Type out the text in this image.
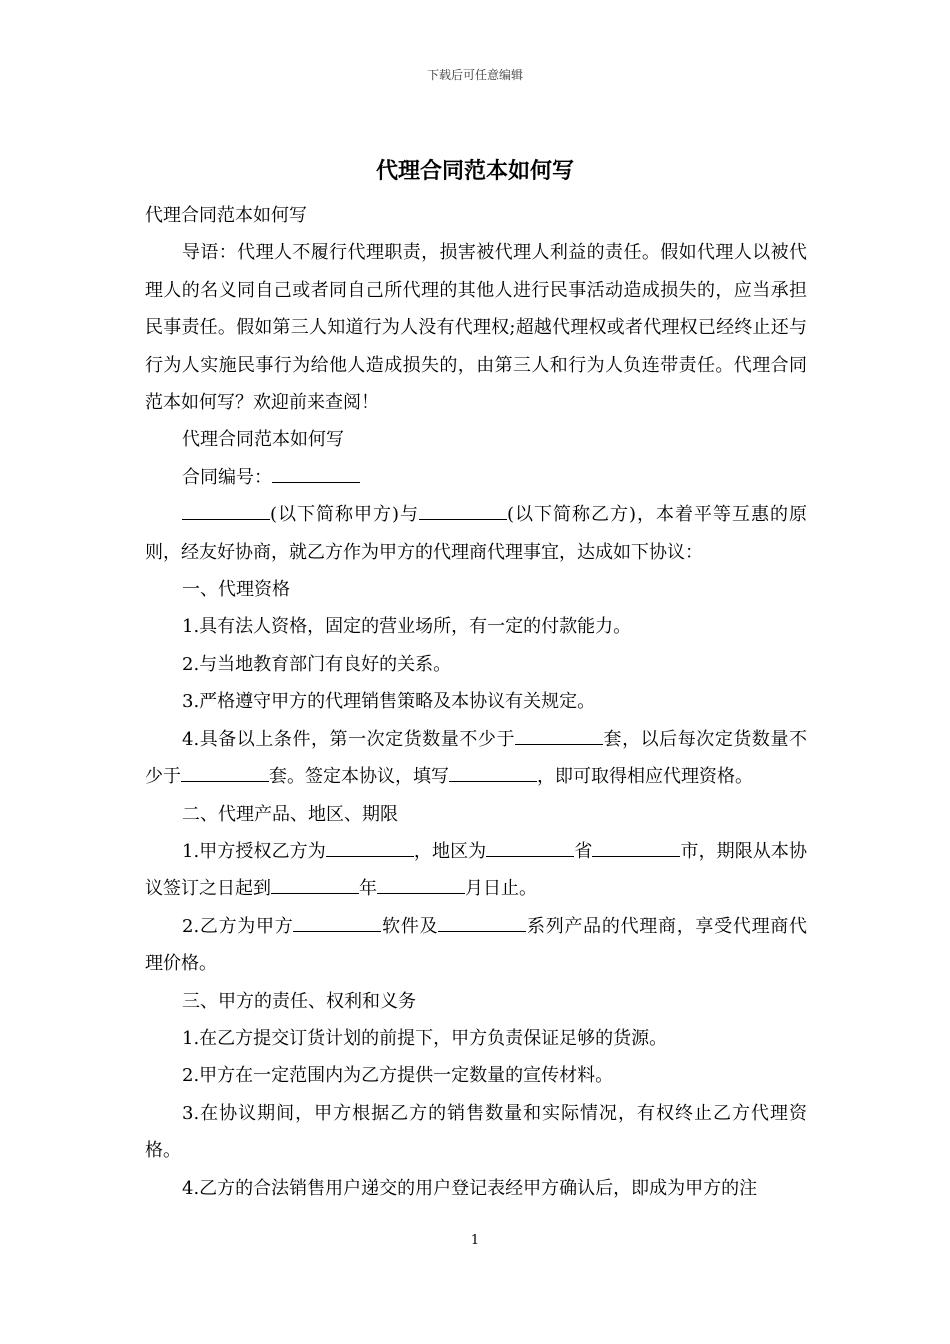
下载后可任意编辑
代理合同范本如何写

代理合同范本如何写

导语：代理人不履行代理职责，损害被代理人利益的责任。假如代理人以被代理人的名义同自己或者同自己所代理的其他人进行民事活动造成损失的，应当承担民事责任。假如第三人知道行为人没有代理权;超越代理权或者代理权已经终止还与行为人实施民事行为给他人造成损失的，由第三人和行为人负连带责任。代理合同范本如何写？欢迎前来查阅！

代理合同范本如何写

合同编号：

(以下简称甲方)与	(以下简称乙方)，本着平等互惠的原则，经友好协商，就乙方作为甲方的代理商代理事宜，达成如下协议：

一、代理资格

1.具有法人资格，固定的营业场所，有一定的付款能力。

2.与当地教育部门有良好的关系。

3.严格遵守甲方的代理销售策略及本协议有关规定。

4.具备以上条件，第一次定货数量不少于	套，以后每次定货数量不少于	套。签定本协议，填写	，即可取得相应代理资格。

二、代理产品、地区、期限

1.甲方授权乙方为	，地区为	省	市，期限从本协议签订之日起到	年	月日止。

2.乙方为甲方	软件及	系列产品的代理商，享受代理商代理价格。

三、甲方的责任、权利和义务

1.在乙方提交订货计划的前提下，甲方负责保证足够的货源。

2.甲方在一定范围内为乙方提供一定数量的宣传材料。

3.在协议期间，甲方根据乙方的销售数量和实际情况，有权终止乙方代理资格。

4.乙方的合法销售用户递交的用户登记表经甲方确认后，即成为甲方的注

1
